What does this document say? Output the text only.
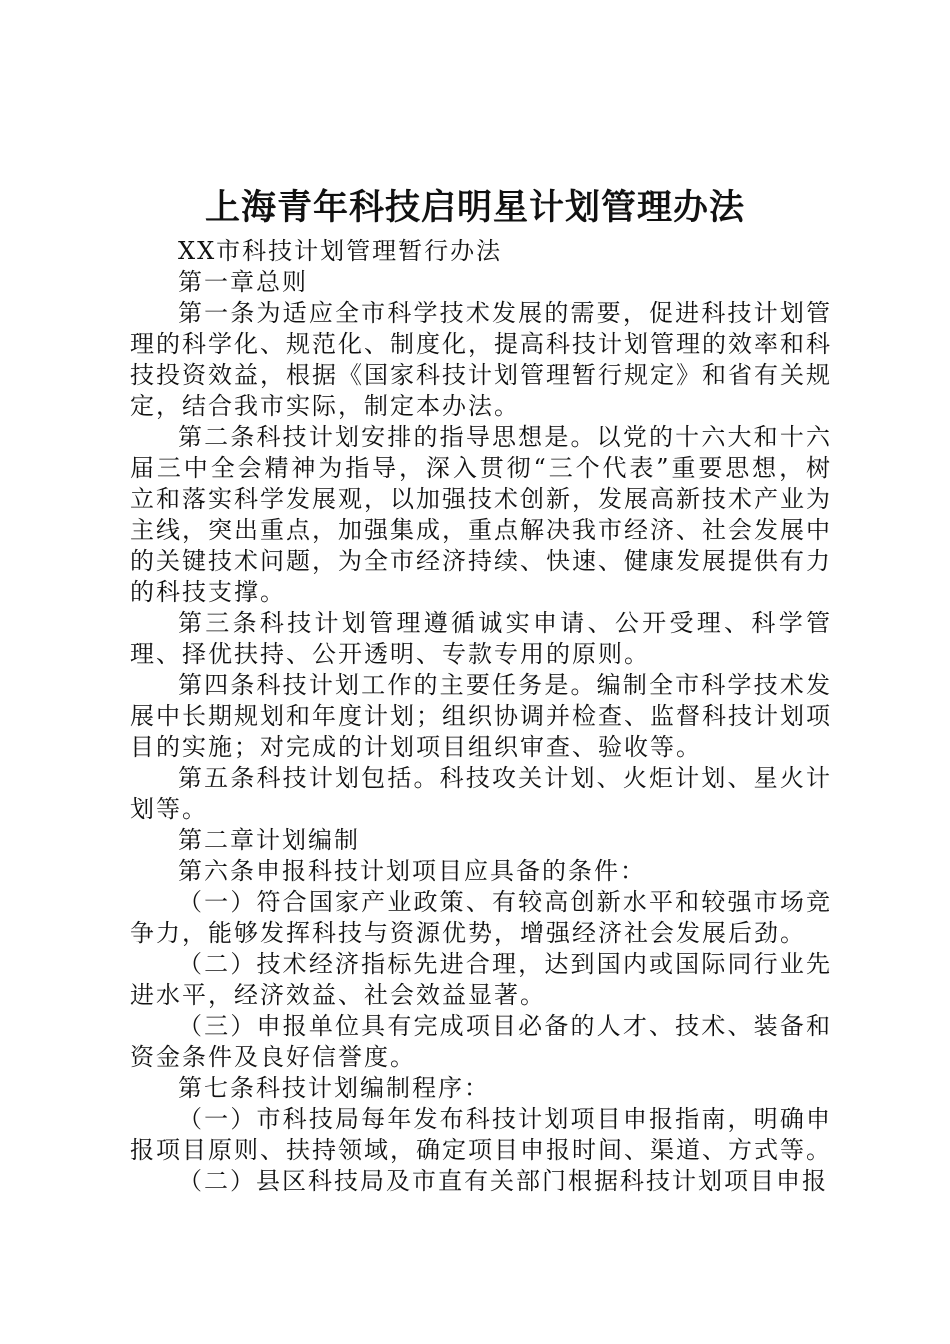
上海青年科技启明星计划管理办法

XX市科技计划管理暂行办法

第一章总则

第一条为适应全市科学技术发展的需要，促进科技计划管理的科学化、规范化、制度化，提高科技计划管理的效率和科技投资效益，根据《国家科技计划管理暂行规定》和省有关规定，结合我市实际，制定本办法。

第二条科技计划安排的指导思想是。以党的十六大和十六届三中全会精神为指导，深入贯彻“三个代表”重要思想，树立和落实科学发展观，以加强技术创新，发展高新技术产业为主线，突出重点，加强集成，重点解决我市经济、社会发展中的关键技术问题，为全市经济持续、快速、健康发展提供有力的科技支撑。

第三条科技计划管理遵循诚实申请、公开受理、科学管理、择优扶持、公开透明、专款专用的原则。

第四条科技计划工作的主要任务是。编制全市科学技术发展中长期规划和年度计划；组织协调并检查、监督科技计划项目的实施；对完成的计划项目组织审查、验收等。

第五条科技计划包括。科技攻关计划、火炬计划、星火计划等。

第二章计划编制

第六条申报科技计划项目应具备的条件：

（一）符合国家产业政策、有较高创新水平和较强市场竞争力，能够发挥科技与资源优势，增强经济社会发展后劲。

（二）技术经济指标先进合理，达到国内或国际同行业先进水平，经济效益、社会效益显著。

（三）申报单位具有完成项目必备的人才、技术、装备和资金条件及良好信誉度。

第七条科技计划编制程序：

（一）市科技局每年发布科技计划项目申报指南，明确申报项目原则、扶持领域，确定项目申报时间、渠道、方式等。

（二）县区科技局及市直有关部门根据科技计划项目申报
